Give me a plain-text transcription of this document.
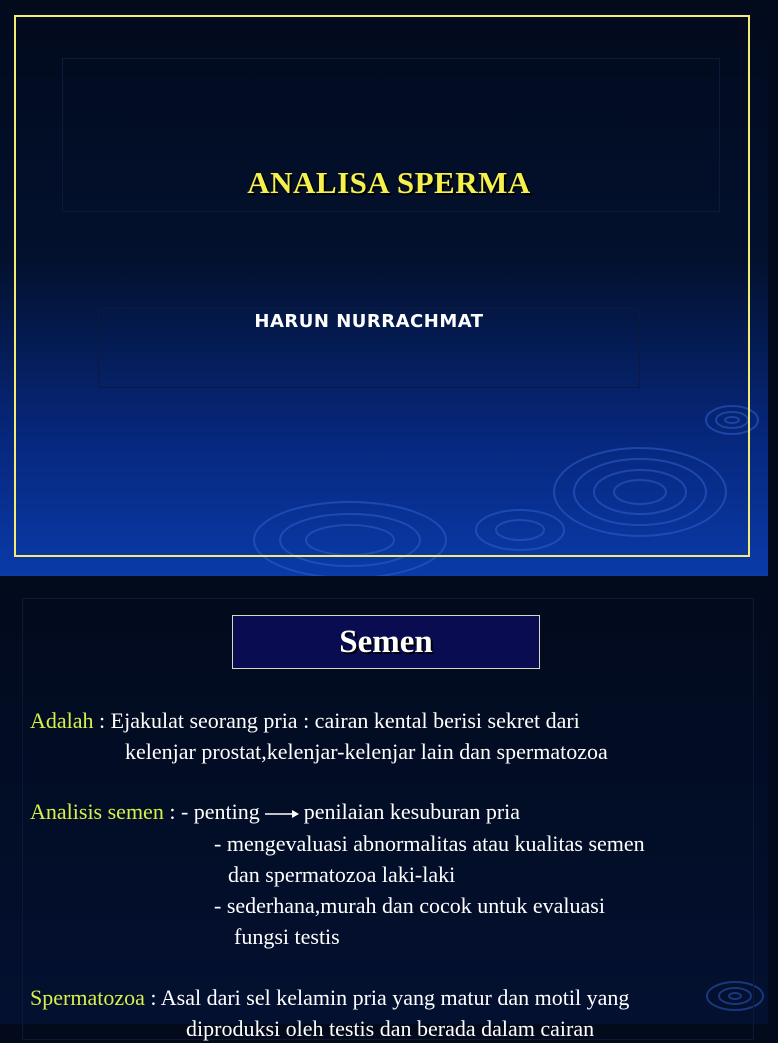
ANALISA SPERMA
HARUN NURRACHMAT
Semen
Adalah : Ejakulat seorang pria : cairan kental berisi sekret dari
kelenjar prostat,kelenjar-kelenjar lain dan spermatozoa
Analisis semen : - penting penilaian kesuburan pria
- mengevaluasi abnormalitas atau kualitas semen
dan spermatozoa laki-laki
- sederhana,murah dan cocok untuk evaluasi
fungsi testis
Spermatozoa : Asal dari sel kelamin pria yang matur dan motil yang
diproduksi oleh testis dan berada dalam cairan
